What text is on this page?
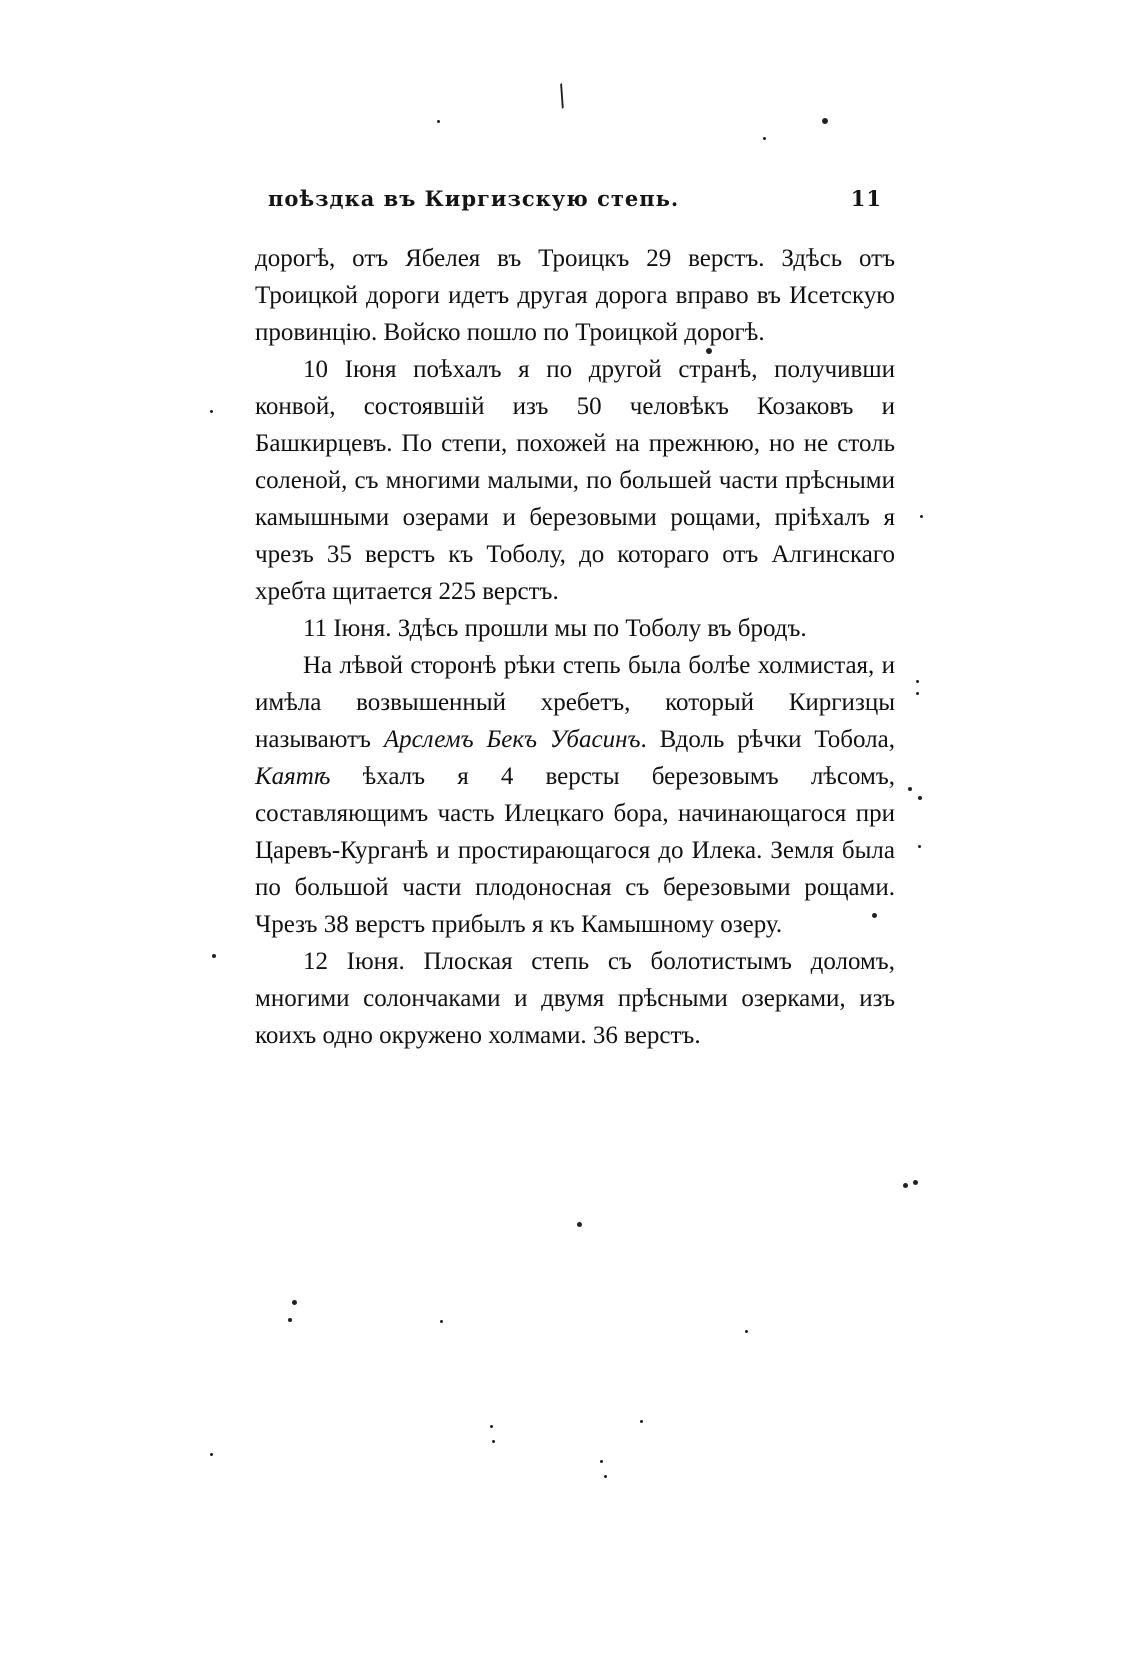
поѣздка въ Киргизскую степь.	11

дорогѣ, отъ Ябелея въ Троицкъ 29 верстъ. Здѣсь отъ Троицкой дороги идетъ другая дорога вправо въ Исетскую провинцію. Войско пошло по Троицкой дорогѣ.

10 Іюня поѣхалъ я по другой странѣ, получивши конвой, состоявшій изъ 50 человѣкъ Козаковъ и Башкирцевъ. По степи, похожей на прежнюю, но не столь соленой, съ многими малыми, по большей части прѣсными камышными озерами и березовыми рощами, пріѣхалъ я чрезъ 35 верстъ къ Тоболу, до котораго отъ Алгинскаго хребта щитается 225 верстъ.

11 Іюня. Здѣсь прошли мы по Тоболу въ бродъ.

На лѣвой сторонѣ рѣки степь была болѣе холмистая, и имѣла возвышенный хребетъ, который Киргизцы называютъ Арслемъ Бекъ Убасинъ. Вдоль рѣчки Тобола, Каятѣ ѣхалъ я 4 версты березовымъ лѣсомъ, составляющимъ часть Илецкаго бора, начинающагося при Царевъ-Курганѣ и простирающагося до Илека. Земля была по большой части плодоносная съ березовыми рощами. Чрезъ 38 верстъ прибылъ я къ Камышному озеру.

12 Іюня. Плоская степь съ болотистымъ доломъ, многими солончаками и двумя прѣсными озерками, изъ коихъ одно окружено холмами. 36 верстъ.

⁄
